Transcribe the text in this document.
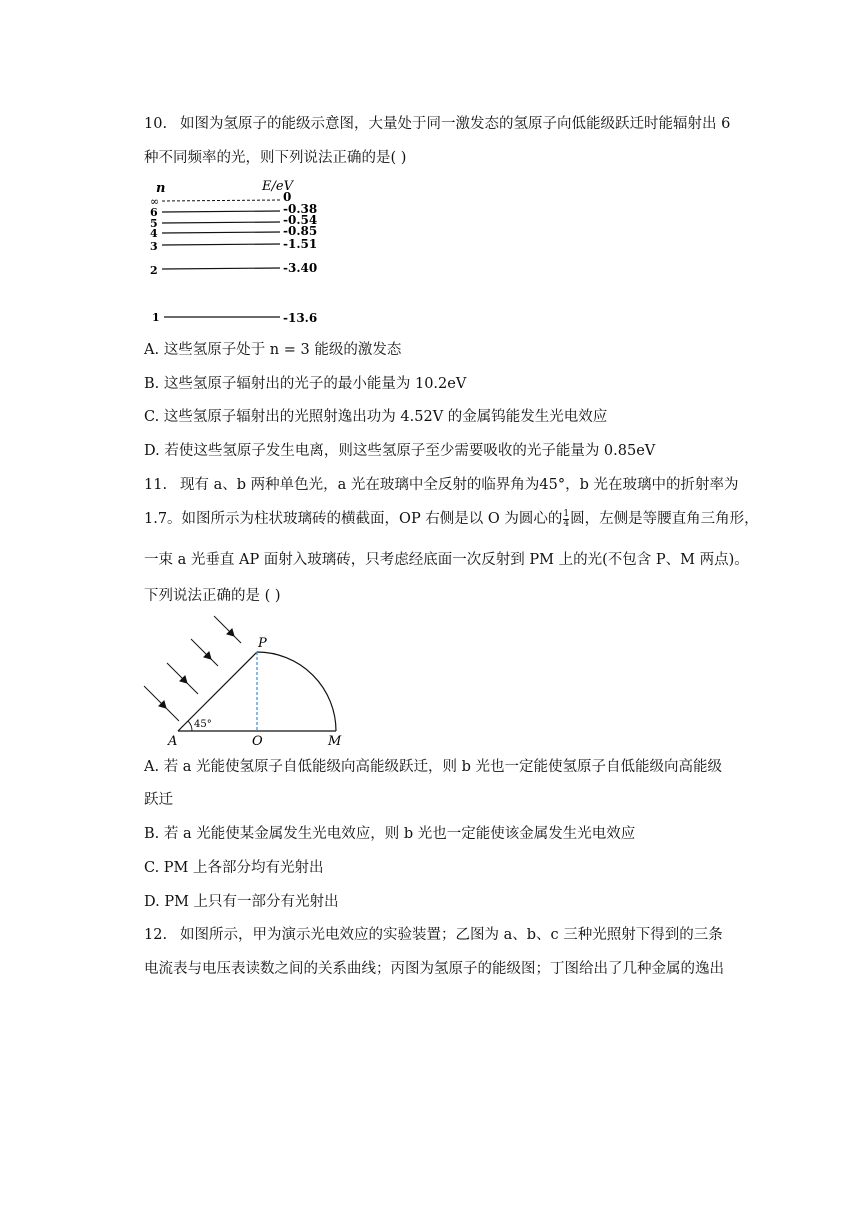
10. 如图为氢原子的能级示意图，大量处于同一激发态的氢原子向低能级跃迁时能辐射出 6
种不同频率的光，则下列说法正确的是( )
n	E/eV
∞	0
6	-0.38
5	-0.54
4	-0.85
3	-1.51
2	-3.40
1	-13.6
A. 这些氢原子处于 n = 3 能级的激发态
B. 这些氢原子辐射出的光子的最小能量为 10.2eV
C. 这些氢原子辐射出的光照射逸出功为 4.52V 的金属钨能发生光电效应
D. 若使这些氢原子发生电离，则这些氢原子至少需要吸收的光子能量为 0.85eV
11. 现有 a、b 两种单色光，a 光在玻璃中全反射的临界角为45°，b 光在玻璃中的折射率为
1.7。如图所示为柱状玻璃砖的横截面，OP 右侧是以 O 为圆心的 $\frac{1}{4}$ 圆，左侧是等腰直角三角形，
一束 a 光垂直 AP 面射入玻璃砖，只考虑经底面一次反射到 PM 上的光(不包含 P、M 两点)。
下列说法正确的是 ( )
45°
P
A	O	M
A. 若 a 光能使氢原子自低能级向高能级跃迁，则 b 光也一定能使氢原子自低能级向高能级
跃迁
B. 若 a 光能使某金属发生光电效应，则 b 光也一定能使该金属发生光电效应
C. PM 上各部分均有光射出
D. PM 上只有一部分有光射出
12. 如图所示，甲为演示光电效应的实验装置；乙图为 a、b、c 三种光照射下得到的三条
电流表与电压表读数之间的关系曲线；丙图为氢原子的能级图；丁图给出了几种金属的逸出
